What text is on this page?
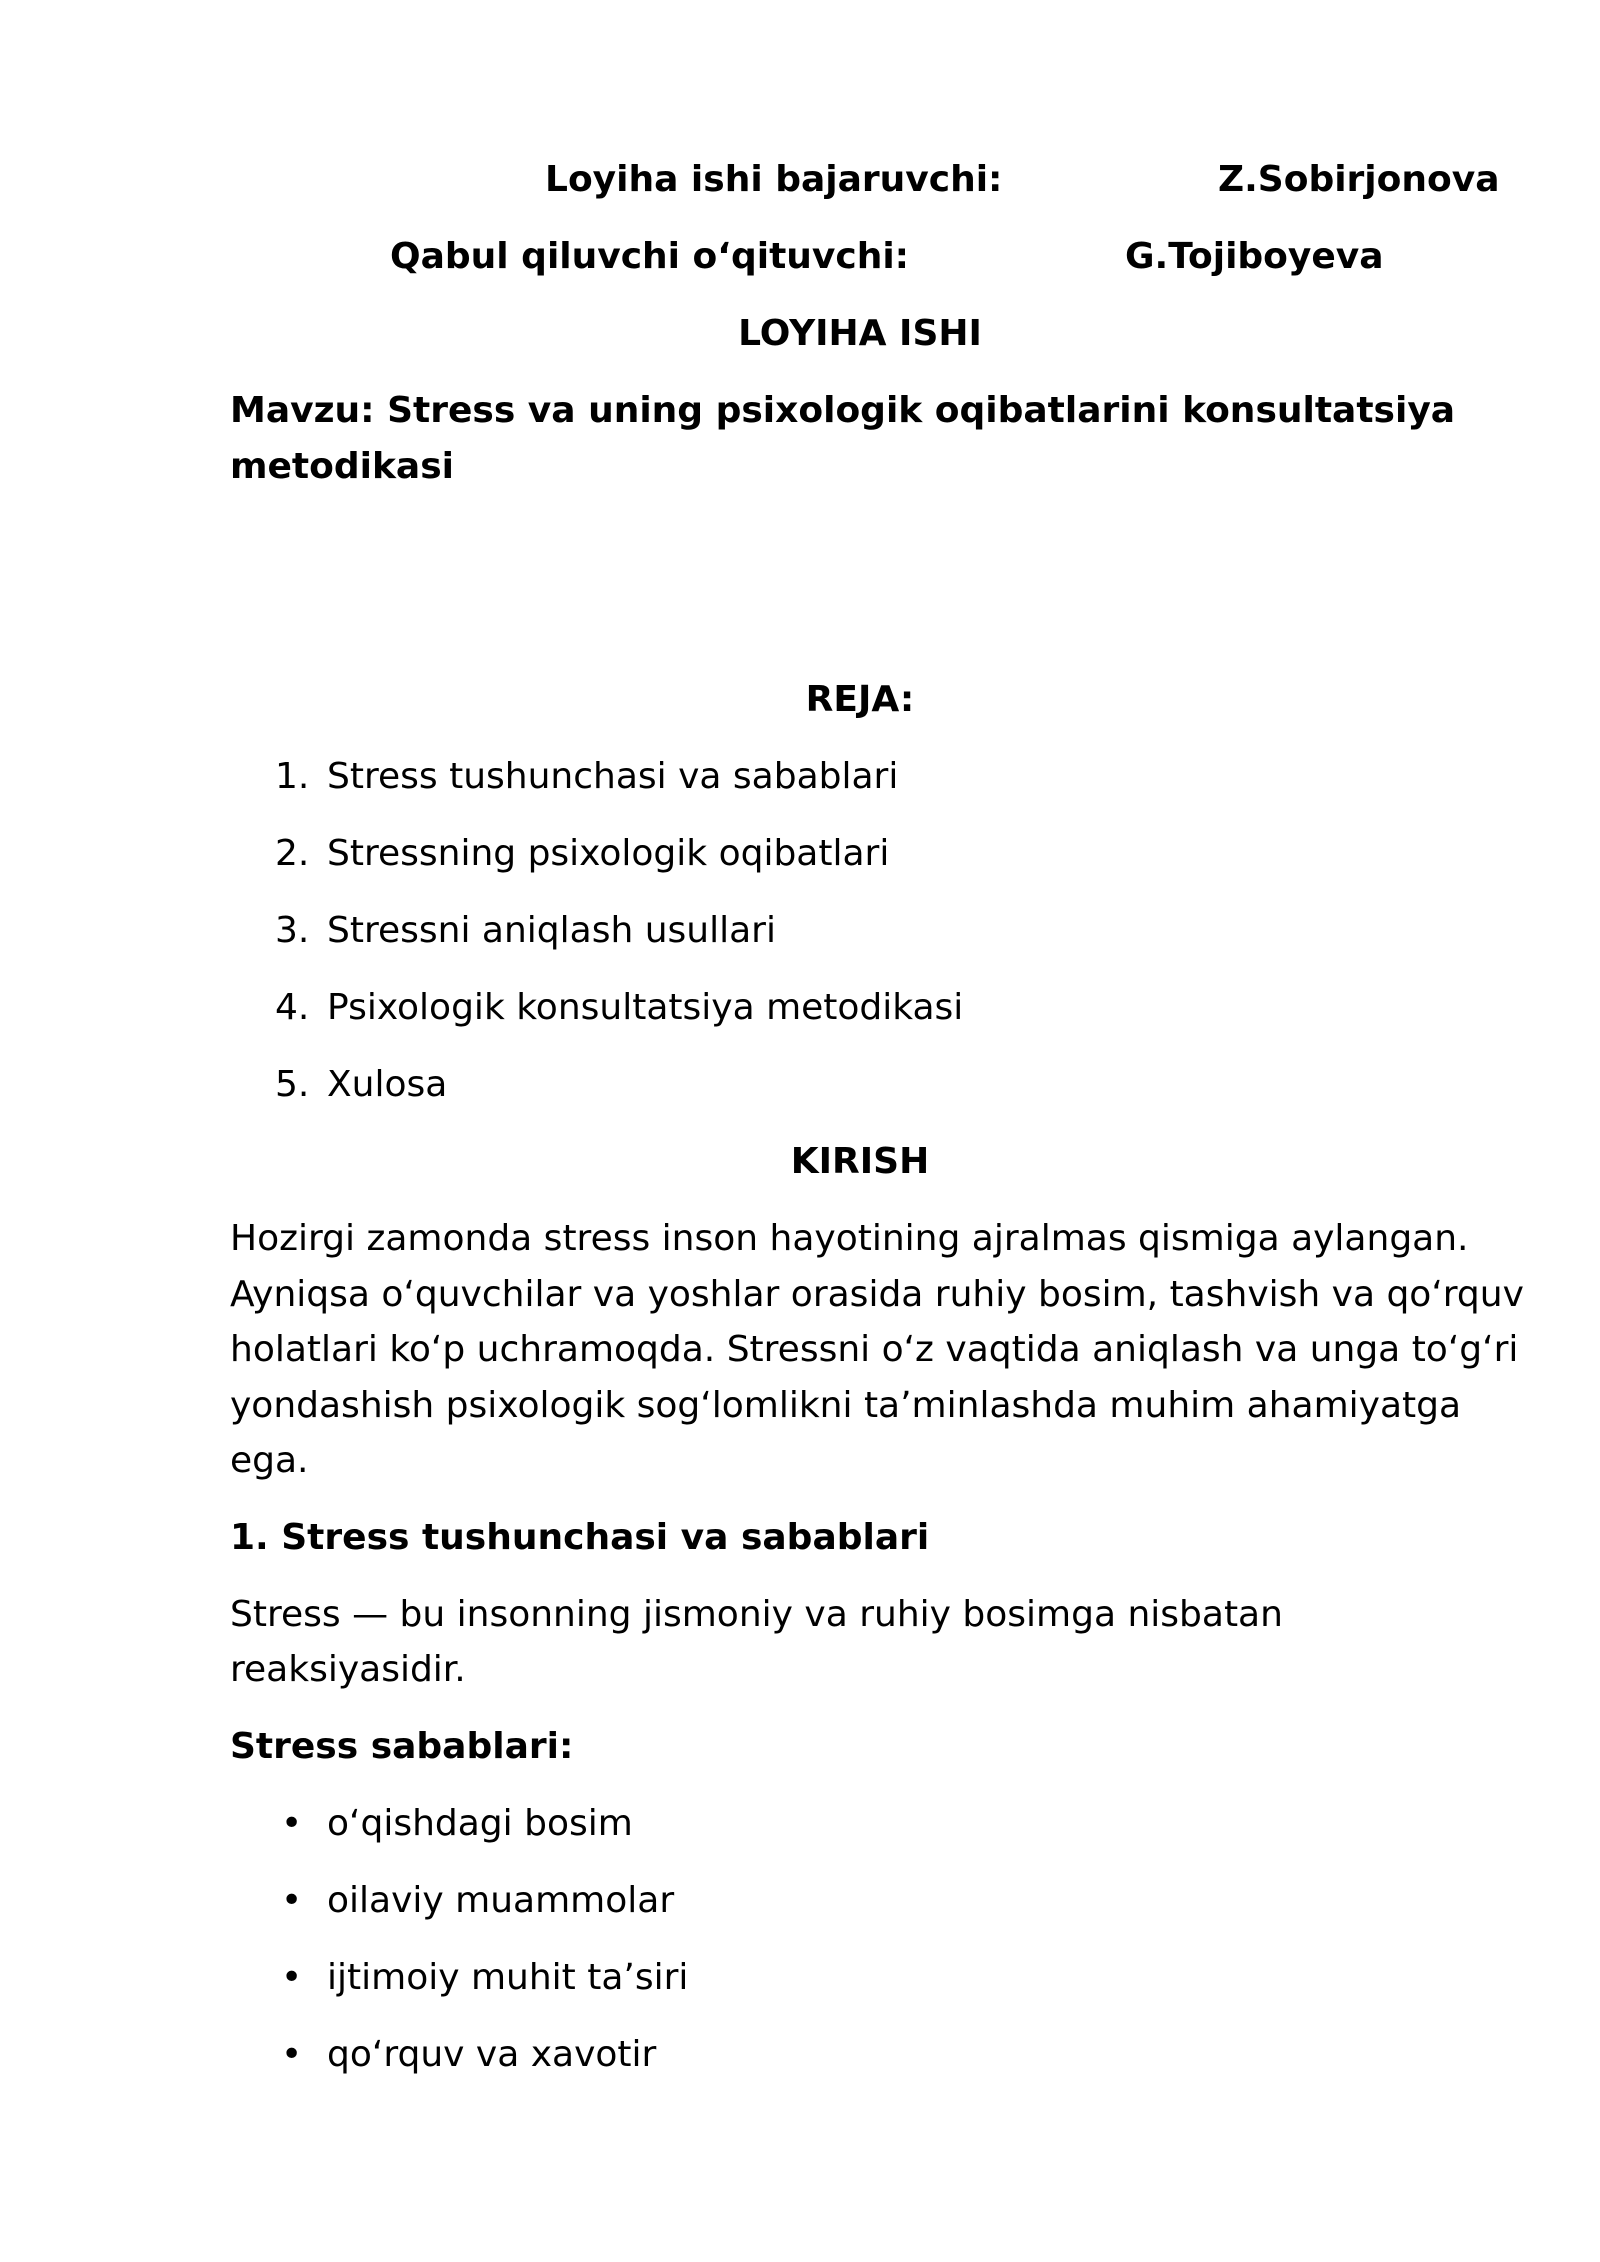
Loyiha ishi bajaruvchi:	Z.Sobirjonova
Qabul qiluvchi o‘qituvchi:	G.Tojiboyeva
LOYIHA ISHI
Mavzu: Stress va uning psixologik oqibatlarini konsultatsiya
metodikasi
REJA:
1. Stress tushunchasi va sabablari
2. Stressning psixologik oqibatlari
3. Stressni aniqlash usullari
4. Psixologik konsultatsiya metodikasi
5. Xulosa
KIRISH
Hozirgi zamonda stress inson hayotining ajralmas qismiga aylangan.
Ayniqsa o‘quvchilar va yoshlar orasida ruhiy bosim, tashvish va qo‘rquv
holatlari ko‘p uchramoqda. Stressni o‘z vaqtida aniqlash va unga to‘g‘ri
yondashish psixologik sog‘lomlikni ta’minlashda muhim ahamiyatga
ega.
1. Stress tushunchasi va sabablari
Stress — bu insonning jismoniy va ruhiy bosimga nisbatan
reaksiyasidir.
Stress sabablari:
• o‘qishdagi bosim
• oilaviy muammolar
• ijtimoiy muhit ta’siri
• qo‘rquv va xavotir
